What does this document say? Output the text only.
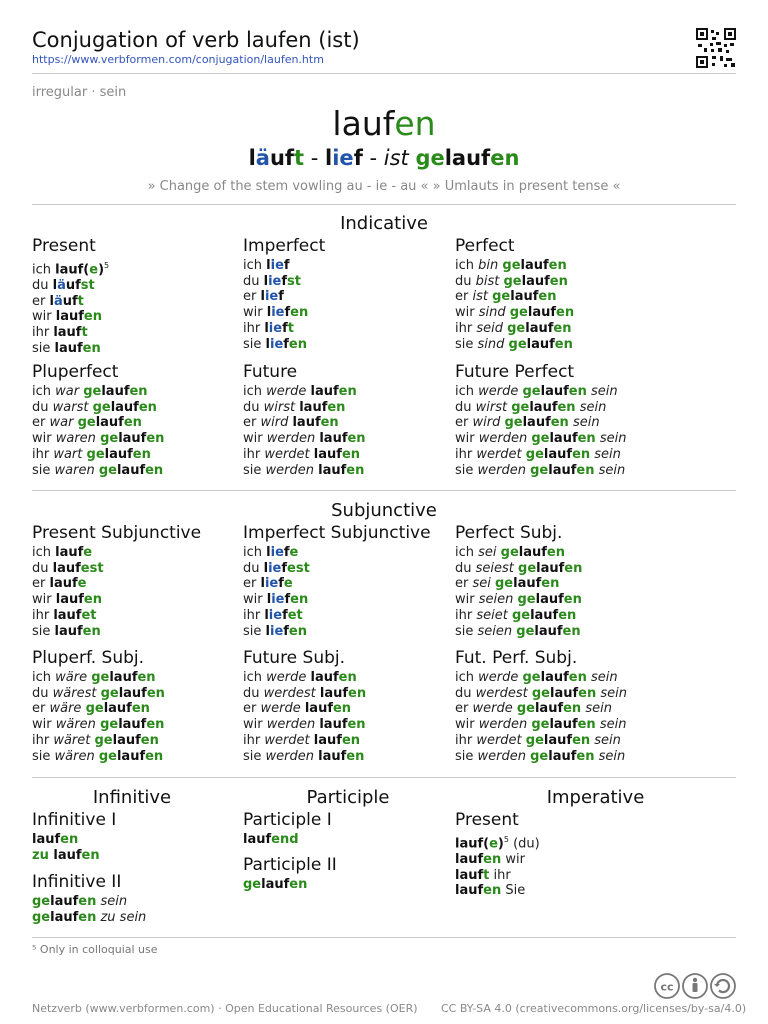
Conjugation of verb laufen (ist)
https://www.verbformen.com/conjugation/laufen.htm
irregular · sein
laufen
läuft - lief - ist gelaufen
» Change of the stem vowling au - ie - au « » Umlauts in present tense «
Indicative
Present
ich $lauf(e)^5$
du läufst
er läuft
wir laufen
ihr lauft
sie laufen
Imperfect
ich lief
du liefst
er lief
wir liefen
ihr lieft
sie liefen
Perfect
ich bin gelaufen
du bist gelaufen
er ist gelaufen
wir sind gelaufen
ihr seid gelaufen
sie sind gelaufen
Pluperfect
ich war gelaufen
du warst gelaufen
er war gelaufen
wir waren gelaufen
ihr wart gelaufen
sie waren gelaufen
Future
ich werde laufen
du wirst laufen
er wird laufen
wir werden laufen
ihr werdet laufen
sie werden laufen
Future Perfect
ich werde gelaufen sein
du wirst gelaufen sein
er wird gelaufen sein
wir werden gelaufen sein
ihr werdet gelaufen sein
sie werden gelaufen sein
Subjunctive
Present Subjunctive
ich laufe
du laufest
er laufe
wir laufen
ihr laufet
sie laufen
Imperfect Subjunctive
ich liefe
du liefest
er liefe
wir liefen
ihr liefet
sie liefen
Perfect Subj.
ich sei gelaufen
du seiest gelaufen
er sei gelaufen
wir seien gelaufen
ihr seiet gelaufen
sie seien gelaufen
Pluperf. Subj.
ich wäre gelaufen
du wärest gelaufen
er wäre gelaufen
wir wären gelaufen
ihr wäret gelaufen
sie wären gelaufen
Future Subj.
ich werde laufen
du werdest laufen
er werde laufen
wir werden laufen
ihr werdet laufen
sie werden laufen
Fut. Perf. Subj.
ich werde gelaufen sein
du werdest gelaufen sein
er werde gelaufen sein
wir werden gelaufen sein
ihr werdet gelaufen sein
sie werden gelaufen sein
Infinitive	Participle	Imperative
Infinitive I
laufen
zu laufen
Infinitive II
gelaufen sein
gelaufen zu sein
Participle I
laufend
Participle II
gelaufen
Present
$lauf(e)^5$ (du)
laufen wir
lauft ihr
laufen Sie
⁵ Only in colloquial use
cc
Netzverb (www.verbformen.com) · Open Educational Resources (OER) CC BY-SA 4.0 (creativecommons.org/licenses/by-sa/4.0)
